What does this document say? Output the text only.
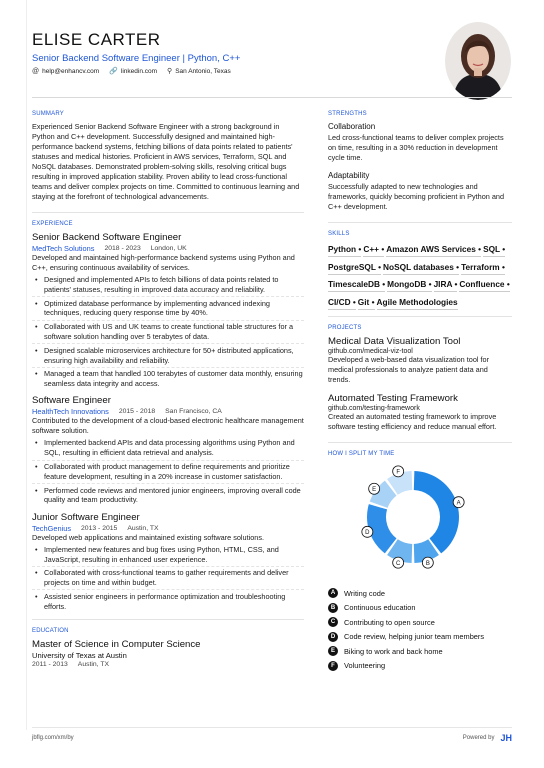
ELISE CARTER
Senior Backend Software Engineer | Python, C++
@ help@enhancv.com 🔗 linkedin.com ⚲ San Antonio, Texas
SUMMARY
Experienced Senior Backend Software Engineer with a strong background in Python and C++ development. Successfully designed and maintained high-performance backend systems, fetching billions of data points related to patients' statuses and medical histories. Proficient in AWS services, Terraform, SQL and NoSQL databases. Demonstrated problem-solving skills, resolving critical bugs resulting in improved application stability. Proven ability to lead cross-functional teams and deliver complex projects on time. Committed to continuous learning and staying at the forefront of technological advancements.
EXPERIENCE
Senior Backend Software Engineer
MedTech Solutions 2018 - 2023 London, UK
Developed and maintained high-performance backend systems using Python and C++, ensuring continuous availability of services.
• Designed and implemented APIs to fetch billions of data points related to patients' statuses, resulting in improved data accuracy and reliability.
• Optimized database performance by implementing advanced indexing techniques, reducing query response time by 40%.
• Collaborated with US and UK teams to create functional table structures for a software solution handling over 5 terabytes of data.
• Designed scalable microservices architecture for 50+ distributed applications, ensuring high availability and reliability.
• Managed a team that handled 100 terabytes of customer data monthly, ensuring seamless data integrity and access.
Software Engineer
HealthTech Innovations 2015 - 2018 San Francisco, CA
Contributed to the development of a cloud-based electronic healthcare management software solution.
• Implemented backend APIs and data processing algorithms using Python and SQL, resulting in efficient data retrieval and analysis.
• Collaborated with product management to define requirements and prioritize feature development, resulting in a 20% increase in customer satisfaction.
• Performed code reviews and mentored junior engineers, improving overall code quality and team productivity.
Junior Software Engineer
TechGenius 2013 - 2015 Austin, TX
Developed web applications and maintained existing software solutions.
• Implemented new features and bug fixes using Python, HTML, CSS, and JavaScript, resulting in enhanced user experience.
• Collaborated with cross-functional teams to gather requirements and deliver projects on time and within budget.
• Assisted senior engineers in performance optimization and troubleshooting efforts.
EDUCATION
Master of Science in Computer Science
University of Texas at Austin
2011 - 2013 Austin, TX
STRENGTHS
Collaboration
Led cross-functional teams to deliver complex projects on time, resulting in a 30% reduction in development cycle time.
Adaptability
Successfully adapted to new technologies and frameworks, quickly becoming proficient in Python and C++ development.
SKILLS
Python • C++ • Amazon AWS Services • SQL •
PostgreSQL • NoSQL databases • Terraform •
TimescaleDB • MongoDB • JIRA • Confluence •
CI/CD • Git • Agile Methodologies
PROJECTS
Medical Data Visualization Tool
github.com/medical-viz-tool
Developed a web-based data visualization tool for medical professionals to analyze patient data and trends.
Automated Testing Framework
github.com/testing-framework
Created an automated testing framework to improve software testing efficiency and reduce manual effort.
HOW I SPLIT MY TIME
A
B
C
D
E
F
A	Writing code
B	Continuous education
C	Contributing to open source
D	Code review, helping junior team members
E	Biking to work and back home
F	Volunteering
jbflg.com/xm/by	Powered by JH
